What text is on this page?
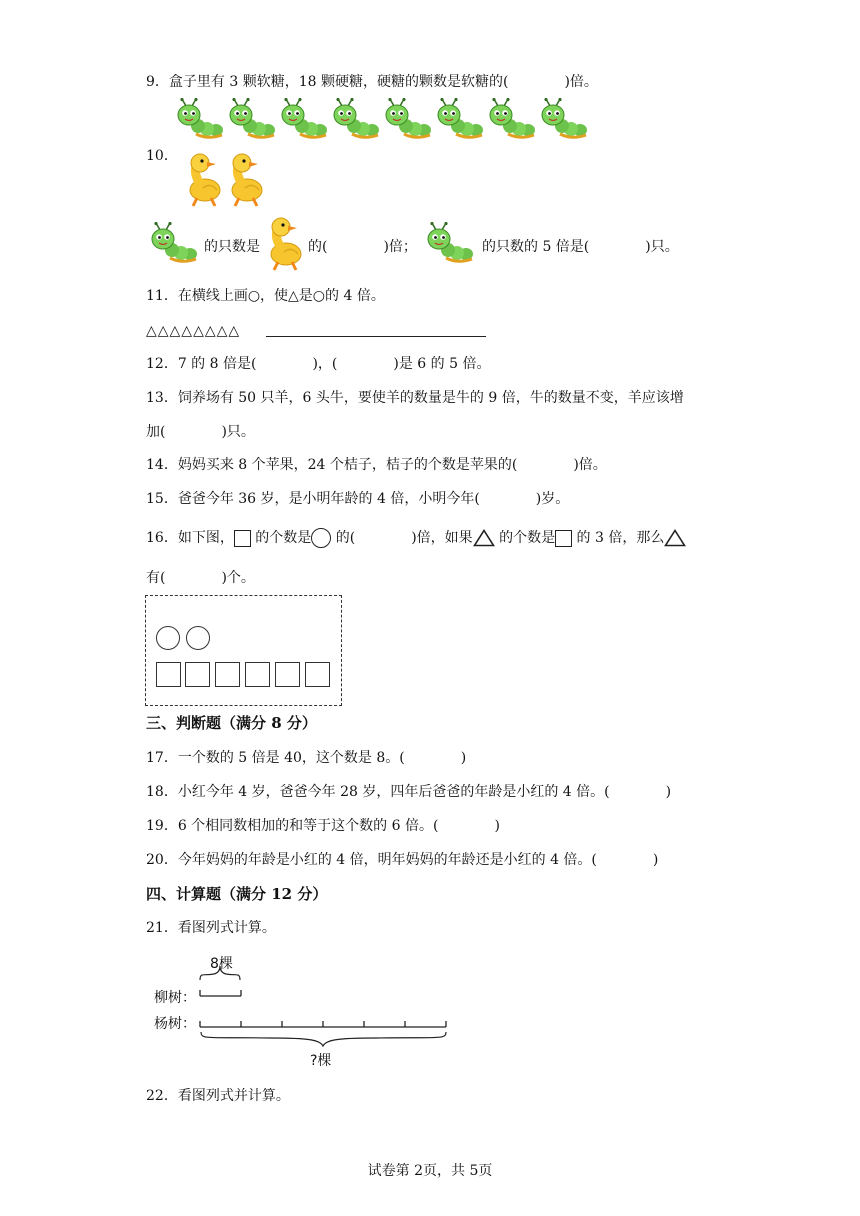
9．盒子里有 3 颗软糖，18 颗硬糖，硬糖的颗数是软糖的(　　　　)倍。
10．
的只数是	的(　　　　)倍；	的只数的 5 倍是(　　　　)只。
11．在横线上画○，使△是○的 4 倍。
△△△△△△△△
12．7 的 8 倍是(　　　　)，(　　　　)是 6 的 5 倍。
13．饲养场有 50 只羊，6 头牛，要使羊的数量是牛的 9 倍，牛的数量不变，羊应该增
加(　　　　)只。
14．妈妈买来 8 个苹果，24 个桔子，桔子的个数是苹果的(　　　　)倍。
15．爸爸今年 36 岁，是小明年龄的 4 倍，小明今年(　　　　)岁。
16．如下图， 的个数是 的(　　　　)倍，如果 的个数是 的 3 倍，那么
有(　　　　)个。
三、判断题（满分 8 分）
17．一个数的 5 倍是 40，这个数是 8。(　　　　)
18．小红今年 4 岁，爸爸今年 28 岁，四年后爸爸的年龄是小红的 4 倍。(　　　　)
19．6 个相同数相加的和等于这个数的 6 倍。(　　　　)
20．今年妈妈的年龄是小红的 4 倍，明年妈妈的年龄还是小红的 4 倍。(　　　　)
四、计算题（满分 12 分）
21．看图列式计算。
8棵
柳树：
杨树：
?棵
22．看图列式并计算。
试卷第 2页，共 5页
